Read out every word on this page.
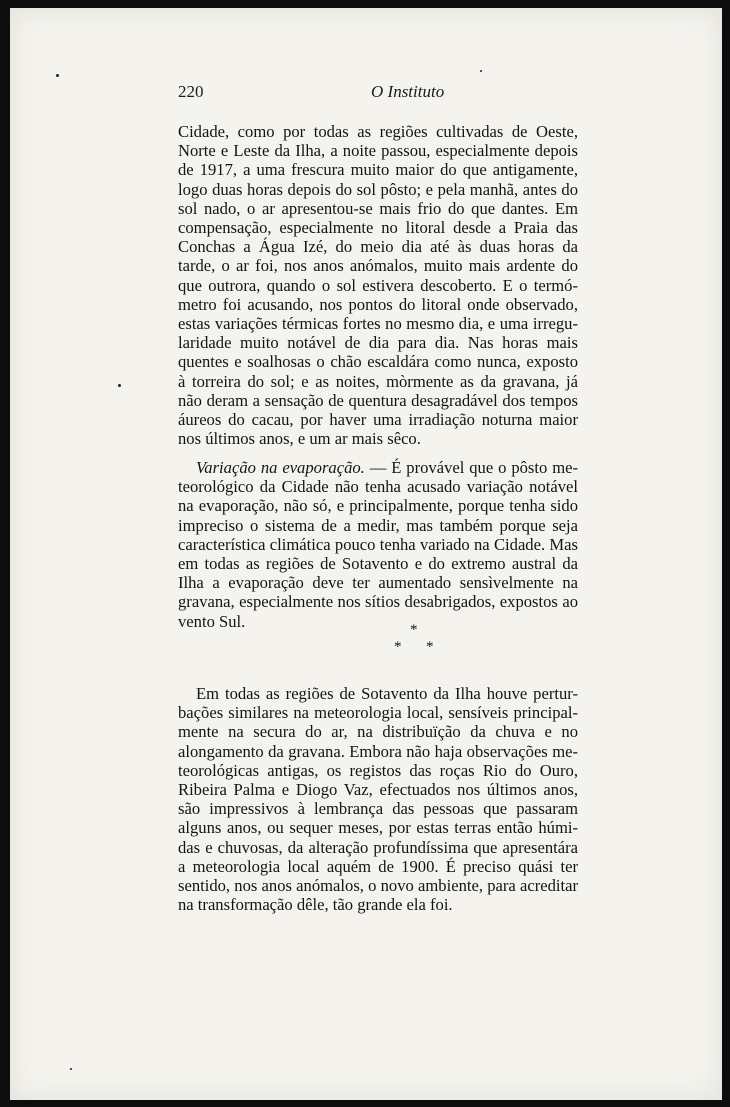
220	O Instituto
Cidade, como por todas as regiões cultivadas de Oeste,
Norte e Leste da Ilha, a noite passou, especialmente depois
de 1917, a uma frescura muito maior do que antigamente,
logo duas horas depois do sol pôsto; e pela manhã, antes do
sol nado, o ar apresentou-se mais frio do que dantes. Em
compensação, especialmente no litoral desde a Praia das
Conchas a Água Izé, do meio dia até às duas horas da
tarde, o ar foi, nos anos anómalos, muito mais ardente do
que outrora, quando o sol estivera descoberto. E o termó-
metro foi acusando, nos pontos do litoral onde observado,
estas variações térmicas fortes no mesmo dia, e uma irregu-
laridade muito notável de dia para dia. Nas horas mais
quentes e soalhosas o chão escaldára como nunca, exposto
à torreira do sol; e as noites, mòrmente as da gravana, já
não deram a sensação de quentura desagradável dos tempos
áureos do cacau, por haver uma irradiação noturna maior
nos últimos anos, e um ar mais sêco.
Variação na evaporação. — É provável que o pôsto me-
teorológico da Cidade não tenha acusado variação notável
na evaporação, não só, e principalmente, porque tenha sido
impreciso o sistema de a medir, mas também porque seja
característica climática pouco tenha variado na Cidade. Mas
em todas as regiões de Sotavento e do extremo austral da
Ilha a evaporação deve ter aumentado sensìvelmente na
gravana, especialmente nos sítios desabrigados, expostos ao
vento Sul.	*
* *
Em todas as regiões de Sotavento da Ilha houve pertur-
bações similares na meteorologia local, sensíveis principal-
mente na secura do ar, na distribuïção da chuva e no
alongamento da gravana. Embora não haja observações me-
teorológicas antigas, os registos das roças Rio do Ouro,
Ribeira Palma e Diogo Vaz, efectuados nos últimos anos,
são impressivos à lembrança das pessoas que passaram
alguns anos, ou sequer meses, por estas terras então húmi-
das e chuvosas, da alteração profundíssima que apresentára
a meteorologia local aquém de 1900. É preciso quási ter
sentido, nos anos anómalos, o novo ambiente, para acreditar
na transformação dêle, tão grande ela foi.
